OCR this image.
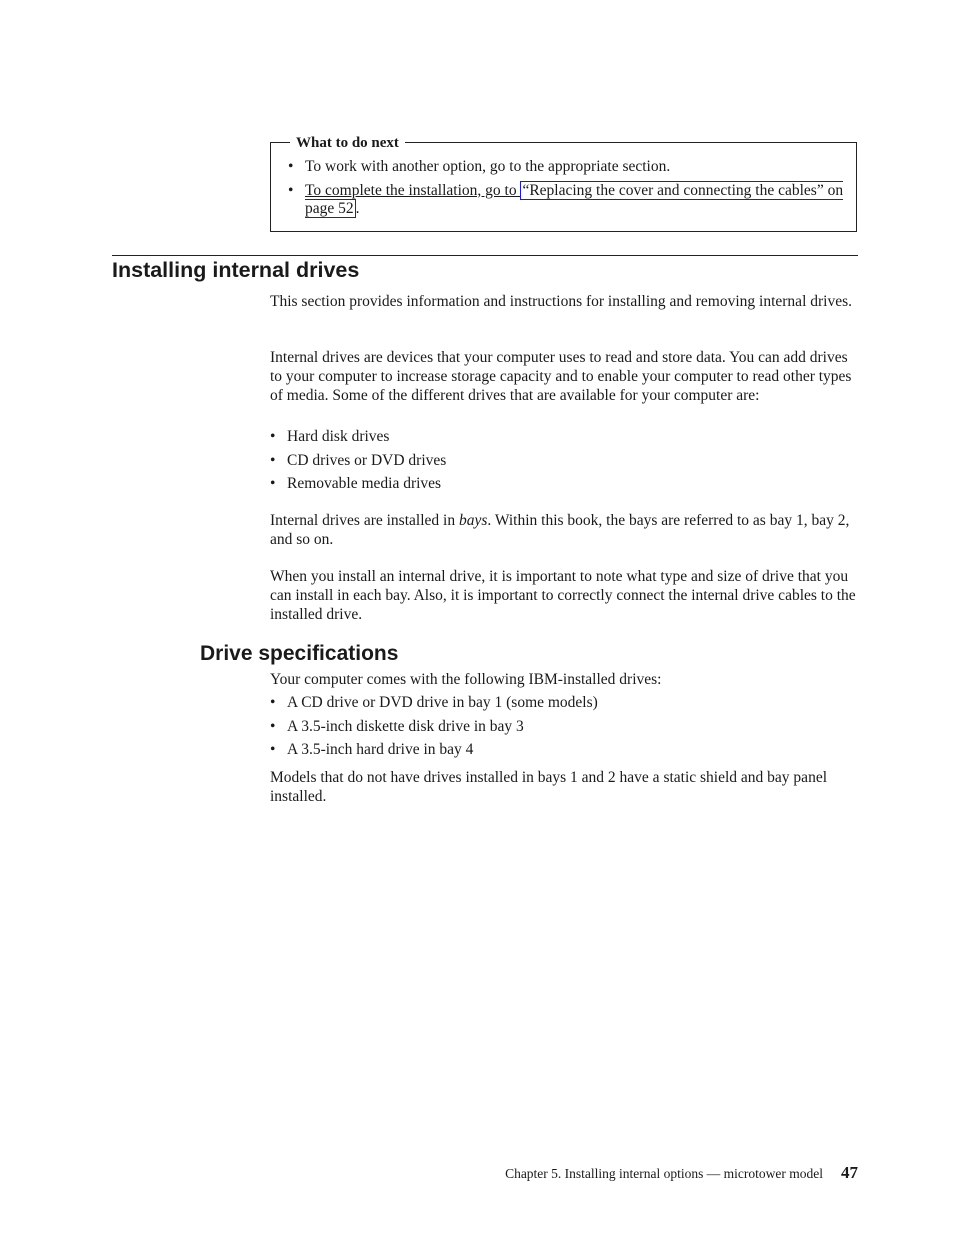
What to do next
• To work with another option, go to the appropriate section.
• To complete the installation, go to “Replacing the cover and connecting the cables” on page 52 .
Installing internal drives

This section provides information and instructions for installing and removing internal drives.

Internal drives are devices that your computer uses to read and store data. You can add drives to your computer to increase storage capacity and to enable your computer to read other types of media. Some of the different drives that are available for your computer are:

• Hard disk drives
• CD drives or DVD drives
• Removable media drives

Internal drives are installed in bays. Within this book, the bays are referred to as bay 1, bay 2, and so on.

When you install an internal drive, it is important to note what type and size of drive that you can install in each bay. Also, it is important to correctly connect the internal drive cables to the installed drive.

Drive specifications

Your computer comes with the following IBM-installed drives:

• A CD drive or DVD drive in bay 1 (some models)
• A 3.5-inch diskette disk drive in bay 3
• A 3.5-inch hard drive in bay 4

Models that do not have drives installed in bays 1 and 2 have a static shield and bay panel installed.

Chapter 5. Installing internal options — microtower model 47
